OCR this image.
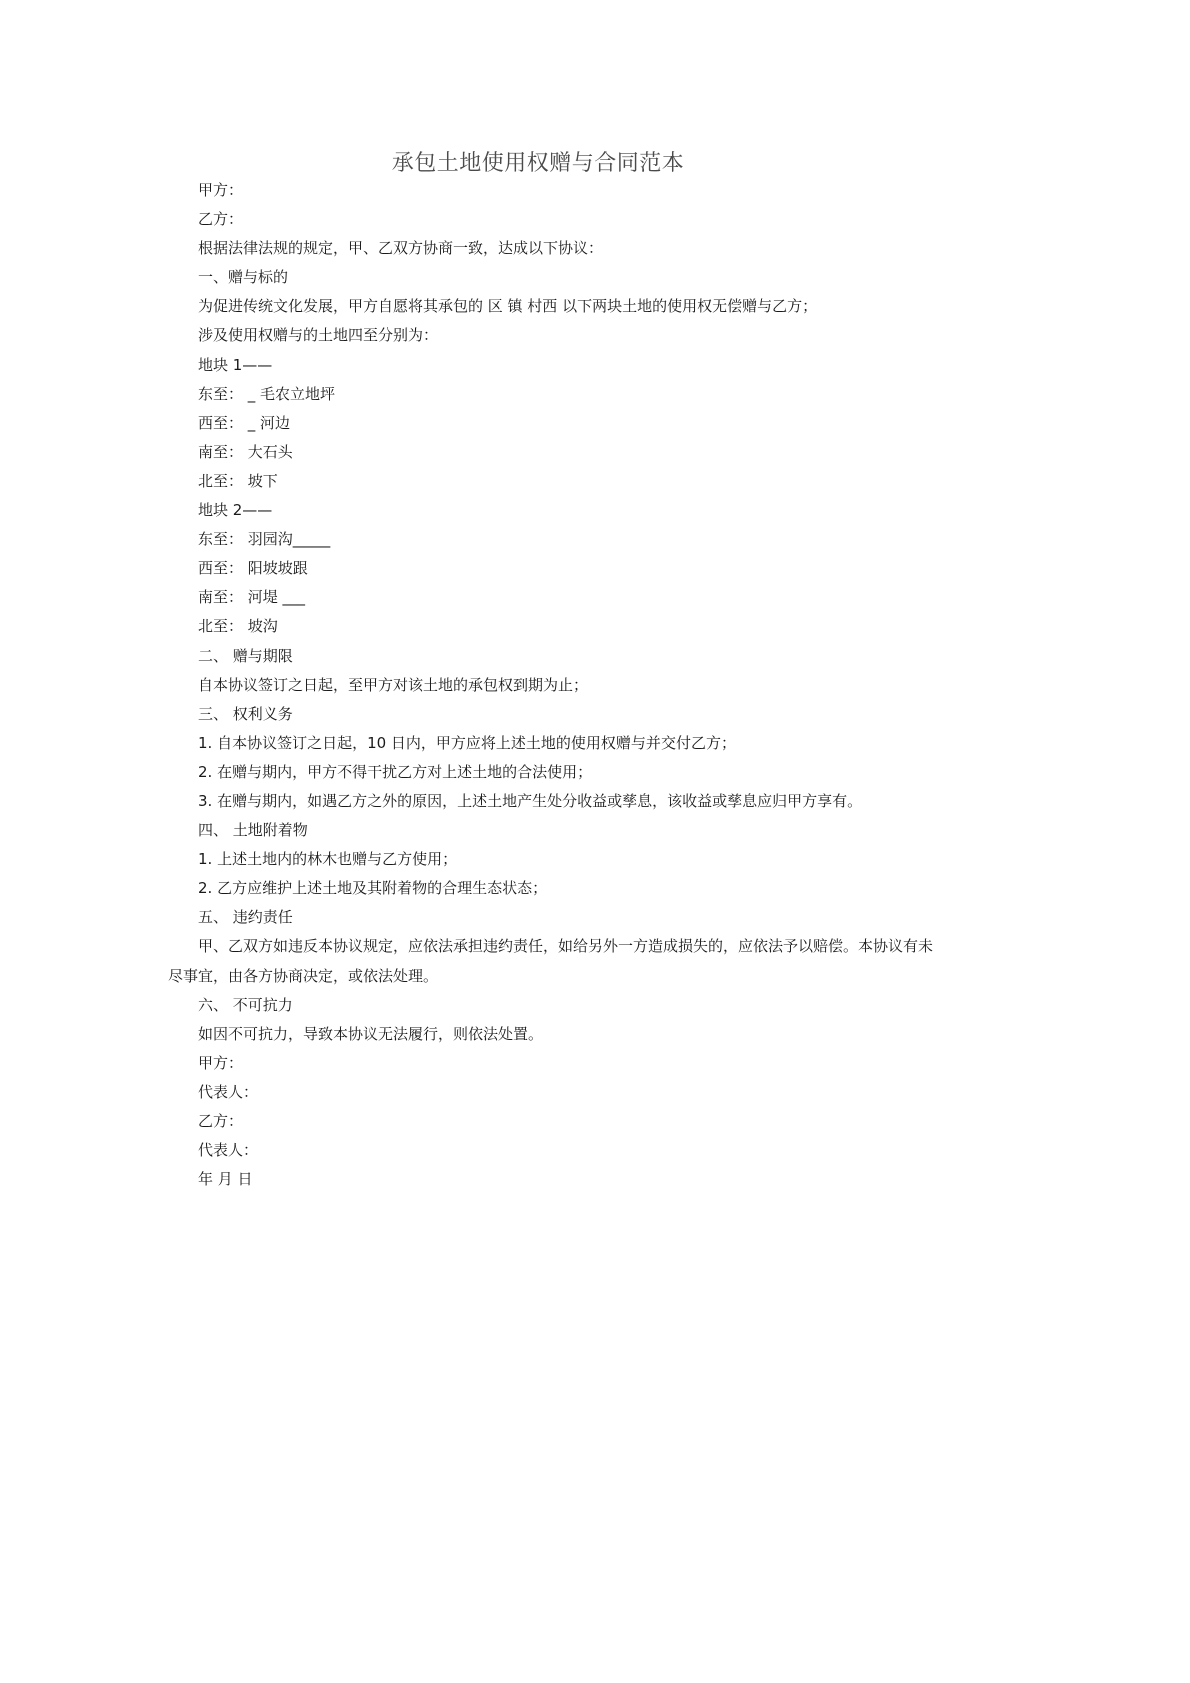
承包土地使用权赠与合同范本
甲方：
乙方：
根据法律法规的规定，甲、乙双方协商一致，达成以下协议：
一、赠与标的
为促进传统文化发展，甲方自愿将其承包的 区 镇 村西 以下两块土地的使用权无偿赠与乙方；
涉及使用权赠与的土地四至分别为：
地块 1——
东至： _ 毛农立地坪
西至： _ 河边
南至： 大石头
北至： 坡下
地块 2——
东至： 羽园沟_____
西至： 阳坡坡跟
南至： 河堤 ___
北至： 坡沟
二、 赠与期限
自本协议签订之日起，至甲方对该土地的承包权到期为止；
三、 权利义务
1. 自本协议签订之日起，10 日内，甲方应将上述土地的使用权赠与并交付乙方；
2. 在赠与期内，甲方不得干扰乙方对上述土地的合法使用；
3. 在赠与期内，如遇乙方之外的原因，上述土地产生处分收益或孳息，该收益或孳息应归甲方享有。
四、 土地附着物
1. 上述土地内的林木也赠与乙方使用；
2. 乙方应维护上述土地及其附着物的合理生态状态；
五、 违约责任
甲、乙双方如违反本协议规定，应依法承担违约责任，如给另外一方造成损失的，应依法予以赔偿。本协议有未
尽事宜，由各方协商决定，或依法处理。
六、 不可抗力
如因不可抗力，导致本协议无法履行，则依法处置。
甲方：
代表人：
乙方：
代表人：
年 月 日
